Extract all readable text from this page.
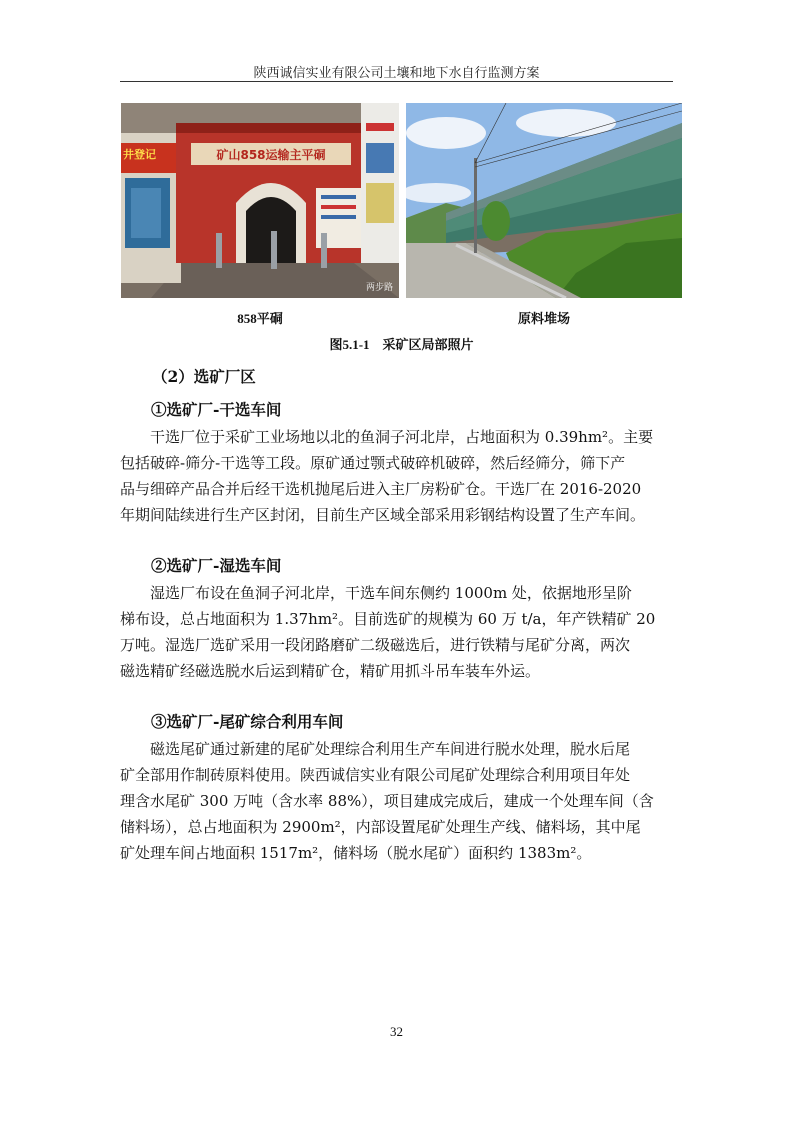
陕西诚信实业有限公司土壤和地下水自行监测方案
井登记	矿山858运输主平硐
两步路
858平硐	原料堆场
图5.1-1    采矿区局部照片
（2）选矿厂区
①选矿厂-干选车间
　　干选厂位于采矿工业场地以北的鱼洞子河北岸，占地面积为 0.39hm²。主要
包括破碎-筛分-干选等工段。原矿通过颚式破碎机破碎，然后经筛分，筛下产
品与细碎产品合并后经干选机抛尾后进入主厂房粉矿仓。干选厂在 2016-2020
年期间陆续进行生产区封闭，目前生产区域全部采用彩钢结构设置了生产车间。
②选矿厂-湿选车间
　　湿选厂布设在鱼洞子河北岸，干选车间东侧约 1000m 处，依据地形呈阶
梯布设，总占地面积为 1.37hm²。目前选矿的规模为 60 万 t/a，年产铁精矿 20
万吨。湿选厂选矿采用一段闭路磨矿二级磁选后，进行铁精与尾矿分离，两次
磁选精矿经磁选脱水后运到精矿仓，精矿用抓斗吊车装车外运。
③选矿厂-尾矿综合利用车间
　　磁选尾矿通过新建的尾矿处理综合利用生产车间进行脱水处理，脱水后尾
矿全部用作制砖原料使用。陕西诚信实业有限公司尾矿处理综合利用项目年处
理含水尾矿 300 万吨（含水率 88%），项目建成完成后，建成一个处理车间（含
储料场），总占地面积为 2900m²，内部设置尾矿处理生产线、储料场，其中尾
矿处理车间占地面积 1517m²，储料场（脱水尾矿）面积约 1383m²。
32
